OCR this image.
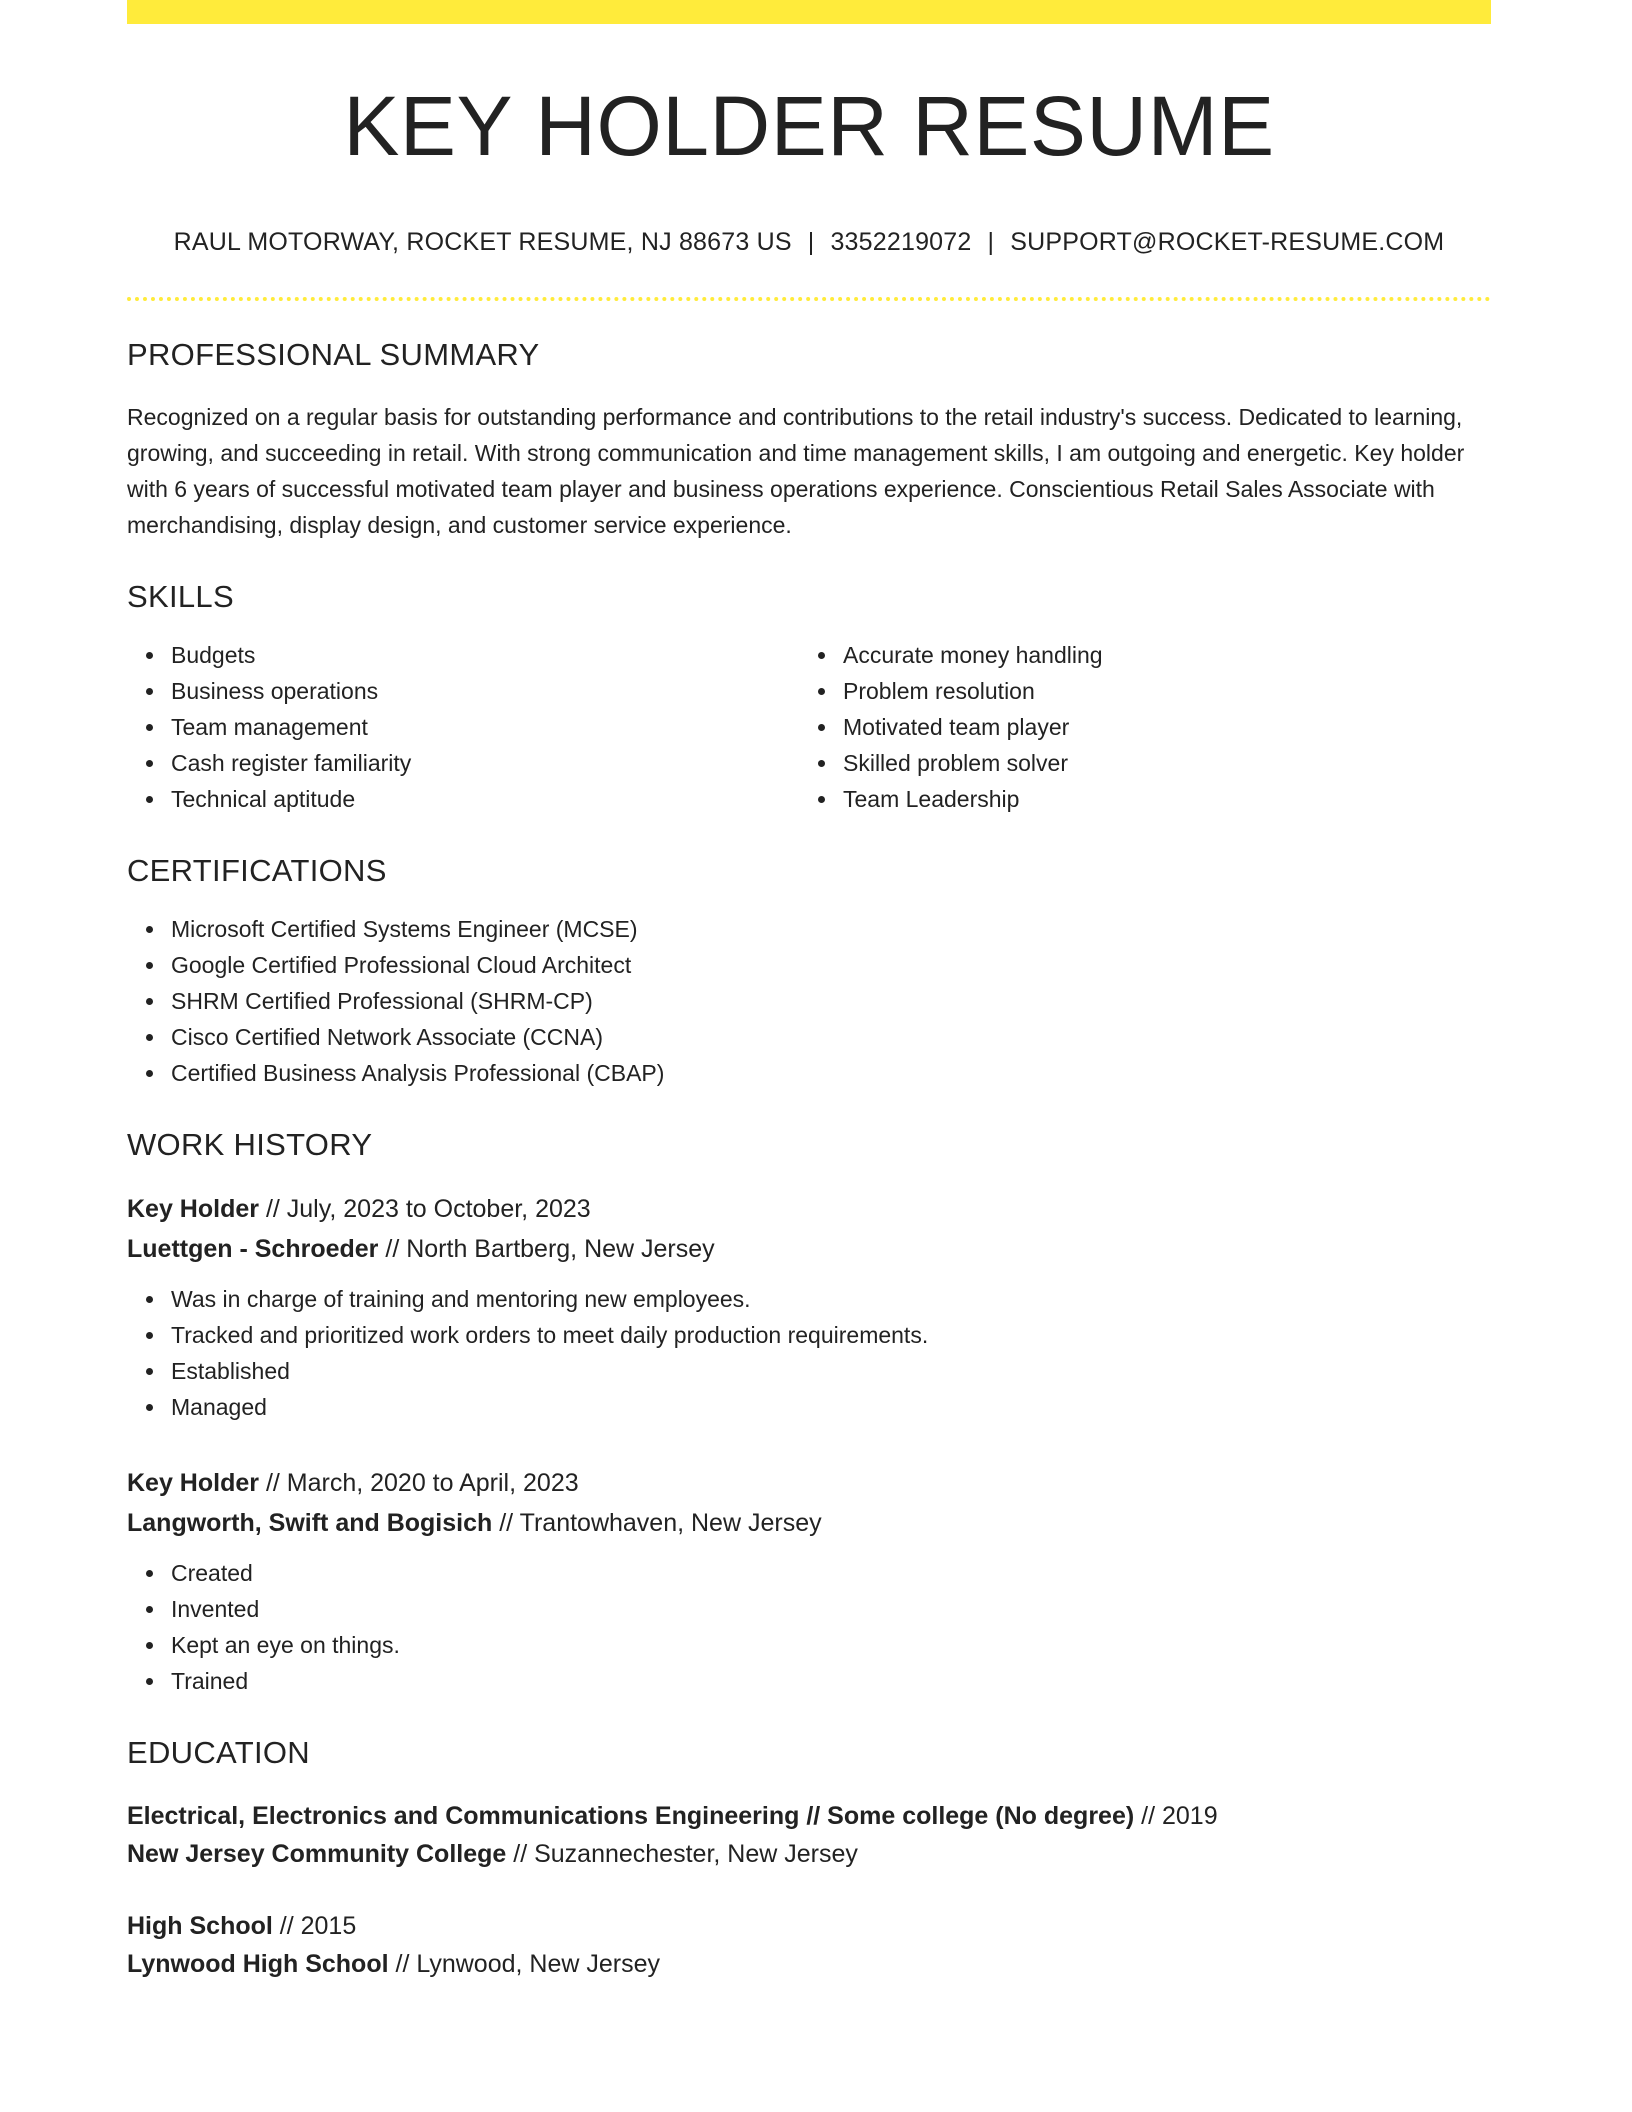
KEY HOLDER RESUME
RAUL MOTORWAY, ROCKET RESUME, NJ 88673 US | 3352219072 | SUPPORT@ROCKET-RESUME.COM
PROFESSIONAL SUMMARY

Recognized on a regular basis for outstanding performance and contributions to the retail industry's success. Dedicated to learning, growing, and succeeding in retail. With strong communication and time management skills, I am outgoing and energetic. Key holder with 6 years of successful motivated team player and business operations experience. Conscientious Retail Sales Associate with merchandising, display design, and customer service experience.

SKILLS
Budgets
Business operations
Team management
Cash register familiarity
Technical aptitude
Accurate money handling
Problem resolution
Motivated team player
Skilled problem solver
Team Leadership
CERTIFICATIONS
Microsoft Certified Systems Engineer (MCSE)
Google Certified Professional Cloud Architect
SHRM Certified Professional (SHRM-CP)
Cisco Certified Network Associate (CCNA)
Certified Business Analysis Professional (CBAP)
WORK HISTORY
Key Holder // July, 2023 to October, 2023
Luettgen - Schroeder // North Bartberg, New Jersey
Was in charge of training and mentoring new employees.
Tracked and prioritized work orders to meet daily production requirements.
Established
Managed
Key Holder // March, 2020 to April, 2023
Langworth, Swift and Bogisich // Trantowhaven, New Jersey
Created
Invented
Kept an eye on things.
Trained
EDUCATION
Electrical, Electronics and Communications Engineering // Some college (No degree) // 2019
New Jersey Community College // Suzannechester, New Jersey
High School // 2015
Lynwood High School // Lynwood, New Jersey
